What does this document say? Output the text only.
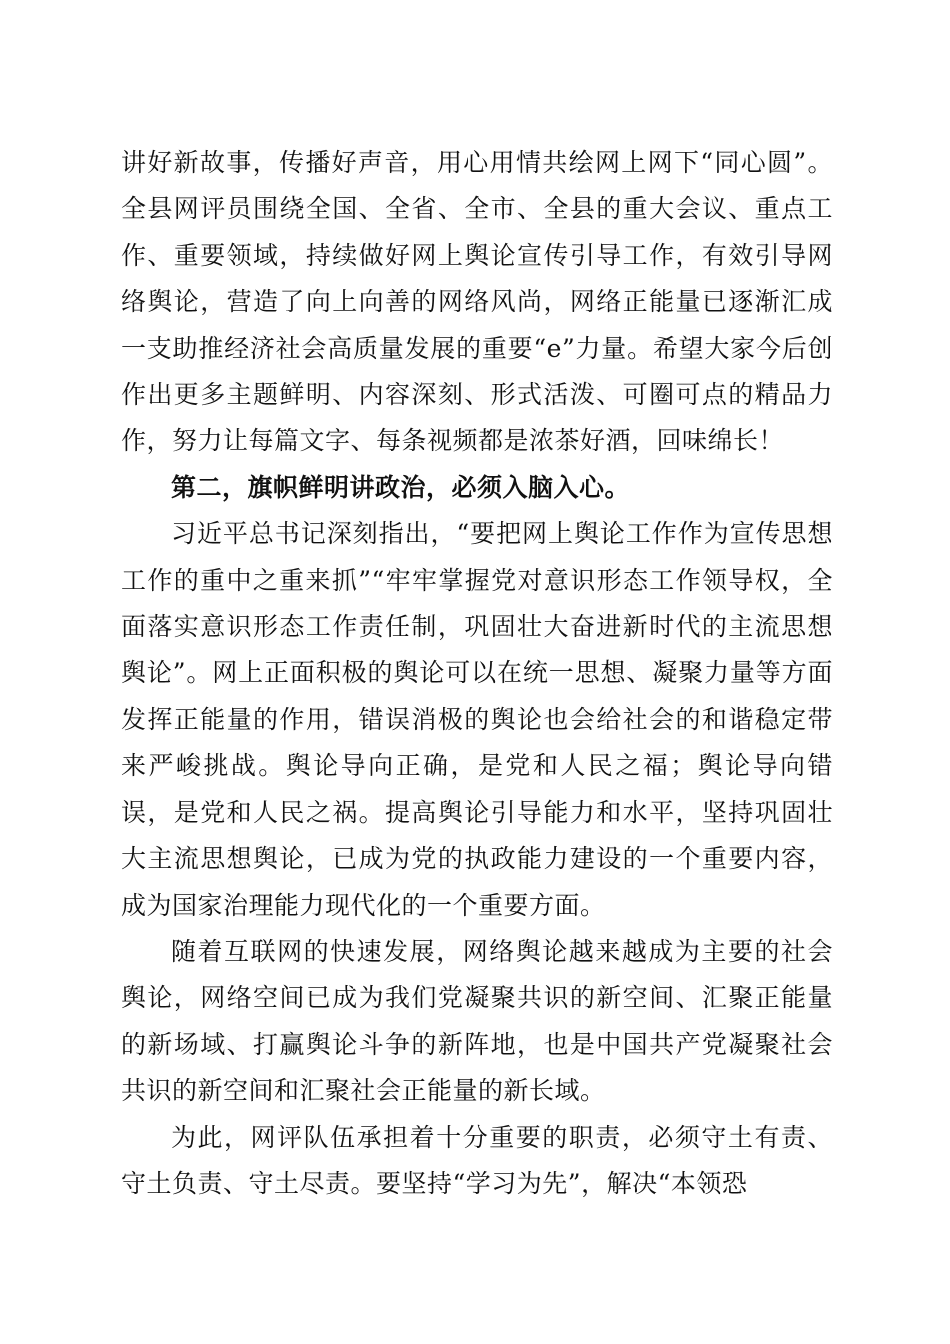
讲好新故事，传播好声音，用心用情共绘网上网下“同心圆”。全县网评员围绕全国、全省、全市、全县的重大会议、重点工作、重要领域，持续做好网上舆论宣传引导工作，有效引导网络舆论，营造了向上向善的网络风尚，网络正能量已逐渐汇成一支助推经济社会高质量发展的重要“e”力量。希望大家今后创作出更多主题鲜明、内容深刻、形式活泼、可圈可点的精品力作，努力让每篇文字、每条视频都是浓茶好酒，回味绵长！

第二，旗帜鲜明讲政治，必须入脑入心。

习近平总书记深刻指出，“要把网上舆论工作作为宣传思想工作的重中之重来抓”“牢牢掌握党对意识形态工作领导权，全面落实意识形态工作责任制，巩固壮大奋进新时代的主流思想舆论”。网上正面积极的舆论可以在统一思想、凝聚力量等方面发挥正能量的作用，错误消极的舆论也会给社会的和谐稳定带来严峻挑战。舆论导向正确，是党和人民之福；舆论导向错误，是党和人民之祸。提高舆论引导能力和水平，坚持巩固壮大主流思想舆论，已成为党的执政能力建设的一个重要内容，成为国家治理能力现代化的一个重要方面。

随着互联网的快速发展，网络舆论越来越成为主要的社会舆论，网络空间已成为我们党凝聚共识的新空间、汇聚正能量的新场域、打赢舆论斗争的新阵地，也是中国共产党凝聚社会共识的新空间和汇聚社会正能量的新长域。

为此，网评队伍承担着十分重要的职责，必须守土有责、守土负责、守土尽责。要坚持“学习为先”，解决“本领恐
